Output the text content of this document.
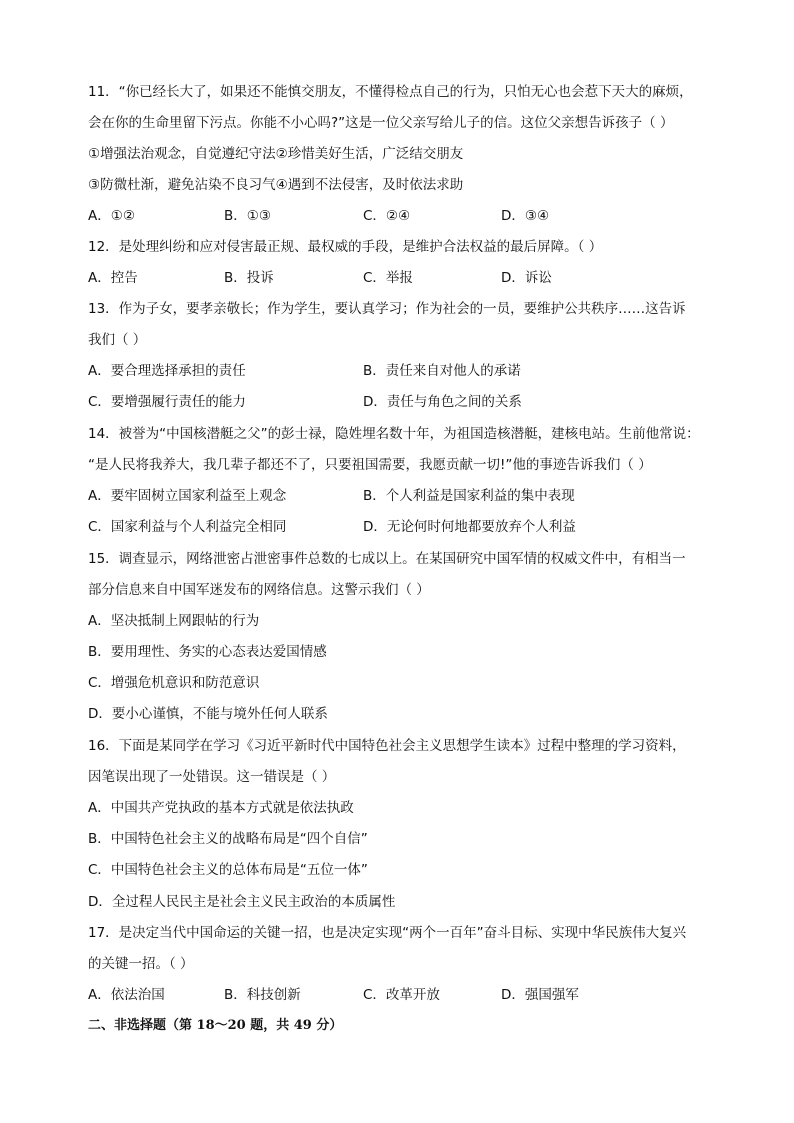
11．“你已经长大了，如果还不能慎交朋友，不懂得检点自己的行为，只怕无心也会惹下天大的麻烦，
会在你的生命里留下污点。你能不小心吗?”这是一位父亲写给儿子的信。这位父亲想告诉孩子（ ）
①增强法治观念，自觉遵纪守法②珍惜美好生活，广泛结交朋友
③防微杜渐，避免沾染不良习气④遇到不法侵害，及时依法求助
A．①②	B．①③	C．②④	D．③④
12．是处理纠纷和应对侵害最正规、最权威的手段，是维护合法权益的最后屏障。（ ）
A．控告	B．投诉	C．举报	D．诉讼
13．作为子女，要孝亲敬长；作为学生，要认真学习；作为社会的一员，要维护公共秩序……这告诉
我们（ ）
A．要合理选择承担的责任	B．责任来自对他人的承诺
C．要增强履行责任的能力	D．责任与角色之间的关系
14．被誉为“中国核潜艇之父”的彭士禄，隐姓埋名数十年，为祖国造核潜艇，建核电站。生前他常说：
“是人民将我养大，我几辈子都还不了，只要祖国需要，我愿贡献一切!”他的事迹告诉我们（ ）
A．要牢固树立国家利益至上观念	B．个人利益是国家利益的集中表现
C．国家利益与个人利益完全相同	D．无论何时何地都要放弃个人利益
15．调查显示，网络泄密占泄密事件总数的七成以上。在某国研究中国军情的权威文件中，有相当一
部分信息来自中国军迷发布的网络信息。这警示我们（ ）
A．坚决抵制上网跟帖的行为
B．要用理性、务实的心态表达爱国情感
C．增强危机意识和防范意识
D．要小心谨慎，不能与境外任何人联系
16．下面是某同学在学习《习近平新时代中国特色社会主义思想学生读本》过程中整理的学习资料，
因笔误出现了一处错误。这一错误是（ ）
A．中国共产党执政的基本方式就是依法执政
B．中国特色社会主义的战略布局是“四个自信”
C．中国特色社会主义的总体布局是“五位一体”
D．全过程人民民主是社会主义民主政治的本质属性
17．是决定当代中国命运的关键一招，也是决定实现“两个一百年”奋斗目标、实现中华民族伟大复兴
的关键一招。（ ）
A．依法治国	B．科技创新	C．改革开放	D．强国强军
二、非选择题（第 18～20 题，共 49 分）
